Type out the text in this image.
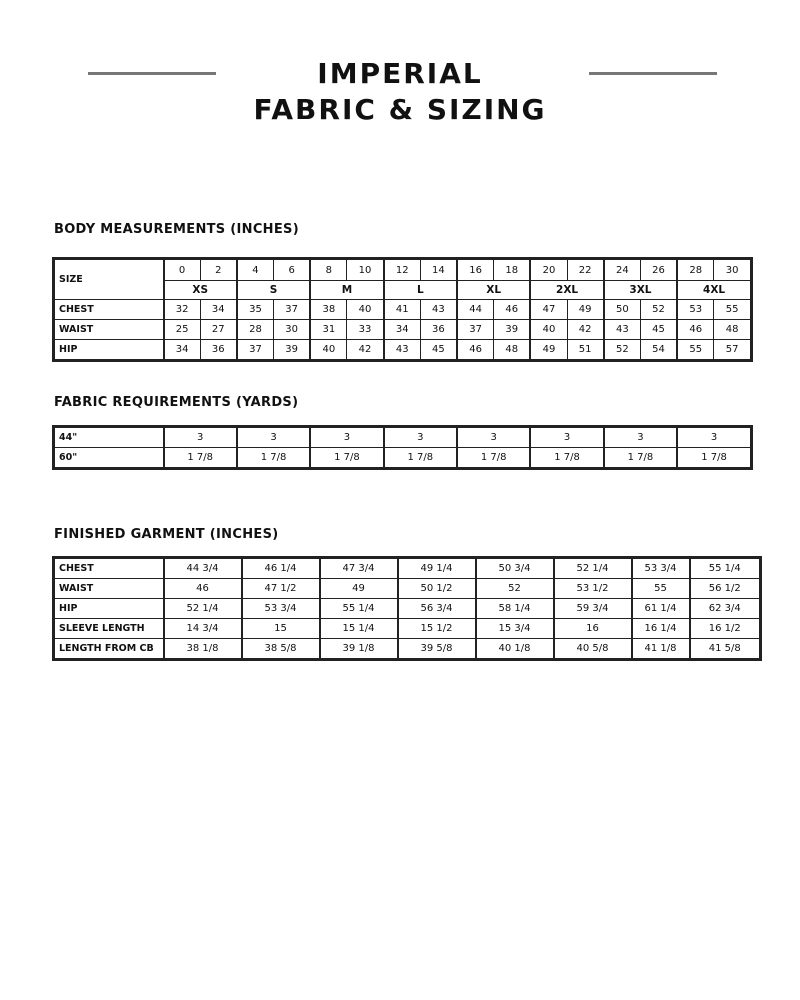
IMPERIAL
FABRIC & SIZING
BODY MEASUREMENTS (INCHES)
SIZE	0	2	4	6	8	10	12	14	16	18	20	22	24	26	28	30
	XS		S		M		L		XL		2XL		3XL		4XL	
CHEST	32	34	35	37	38	40	41	43	44	46	47	49	50	52	53	55
WAIST	25	27	28	30	31	33	34	36	37	39	40	42	43	45	46	48
HIP	34	36	37	39	40	42	43	45	46	48	49	51	52	54	55	57
FABRIC REQUIREMENTS (YARDS)
44"	3	3	3	3	3	3	3	3
60"	1 7/8	1 7/8	1 7/8	1 7/8	1 7/8	1 7/8	1 7/8	1 7/8
FINISHED GARMENT (INCHES)
CHEST	44 3/4	46 1/4	47 3/4	49 1/4	50 3/4	52 1/4	53 3/4	55 1/4
WAIST	46	47 1/2	49	50 1/2	52	53 1/2	55	56 1/2
HIP	52 1/4	53 3/4	55 1/4	56 3/4	58 1/4	59 3/4	61 1/4	62 3/4
SLEEVE LENGTH	14 3/4	15	15 1/4	15 1/2	15 3/4	16	16 1/4	16 1/2
LENGTH FROM CB	38 1/8	38 5/8	39 1/8	39 5/8	40 1/8	40 5/8	41 1/8	41 5/8
